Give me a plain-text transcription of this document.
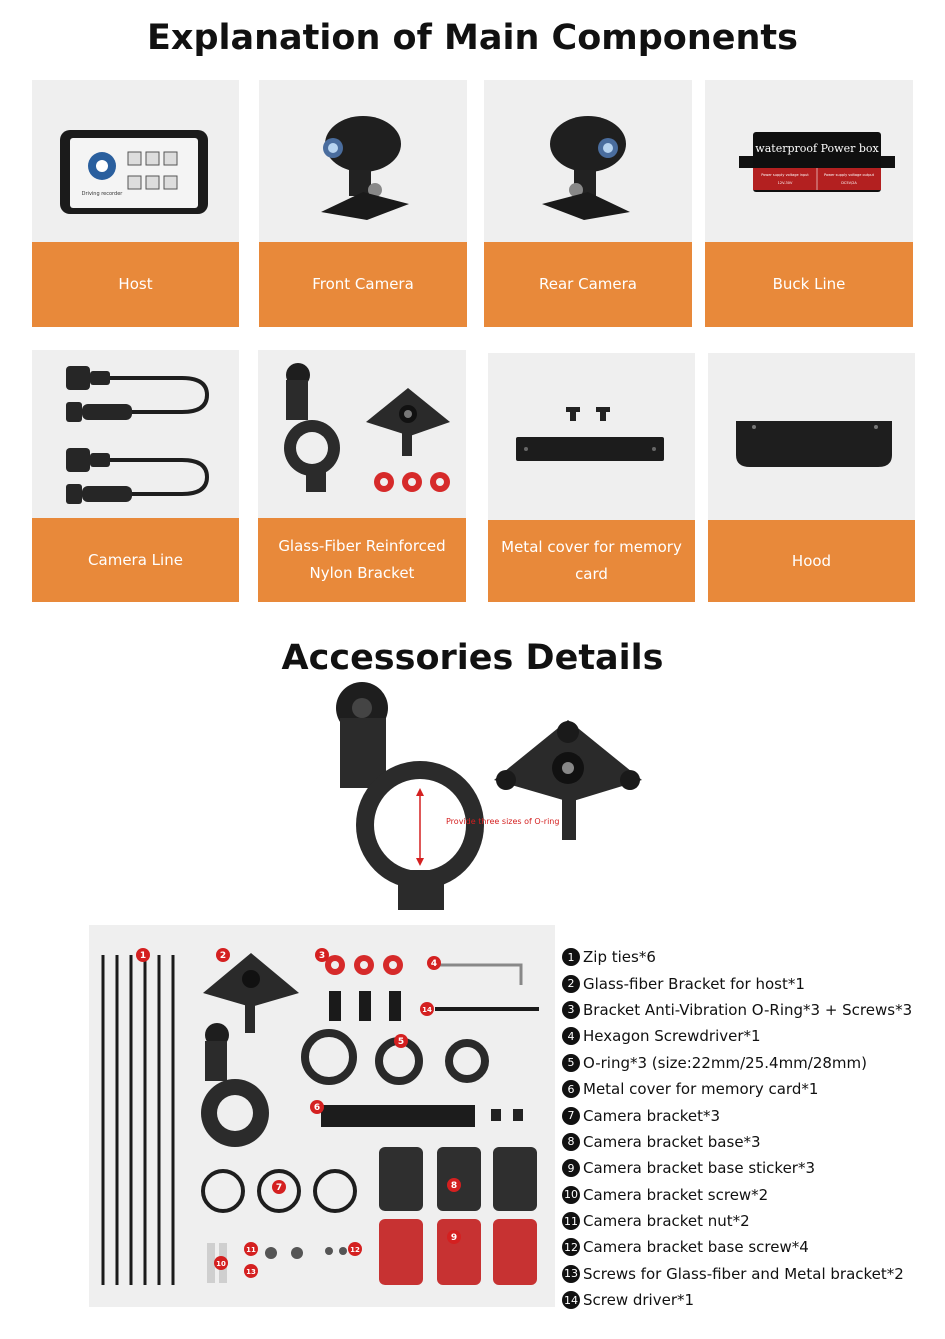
Explanation of Main Components
Driving recorder
Host	Front Camera	Rear Camera
waterproof Power box
Power supply voltage input
12V-30V
Power supply voltage output
DC5V/2A
Buck Line
Camera Line
Glass-Fiber Reinforced Nylon Bracket
Metal cover for memory card
Hood
Accessories Details
Provide three sizes of O-ring
1	2	3
4
5
6
7	8
9
10
11	12
13
14
1 Zip ties*6
2 Glass-fiber Bracket for host*1
3 Bracket Anti-Vibration O-Ring*3 + Screws*3
4 Hexagon Screwdriver*1
5 O-ring*3 (size:22mm/25.4mm/28mm)
6 Metal cover for memory card*1
7 Camera bracket*3
8 Camera bracket base*3
9 Camera bracket base sticker*3
10 Camera bracket screw*2
11 Camera bracket nut*2
12 Camera bracket base screw*4
13 Screws for Glass-fiber and Metal bracket*2
14 Screw driver*1
